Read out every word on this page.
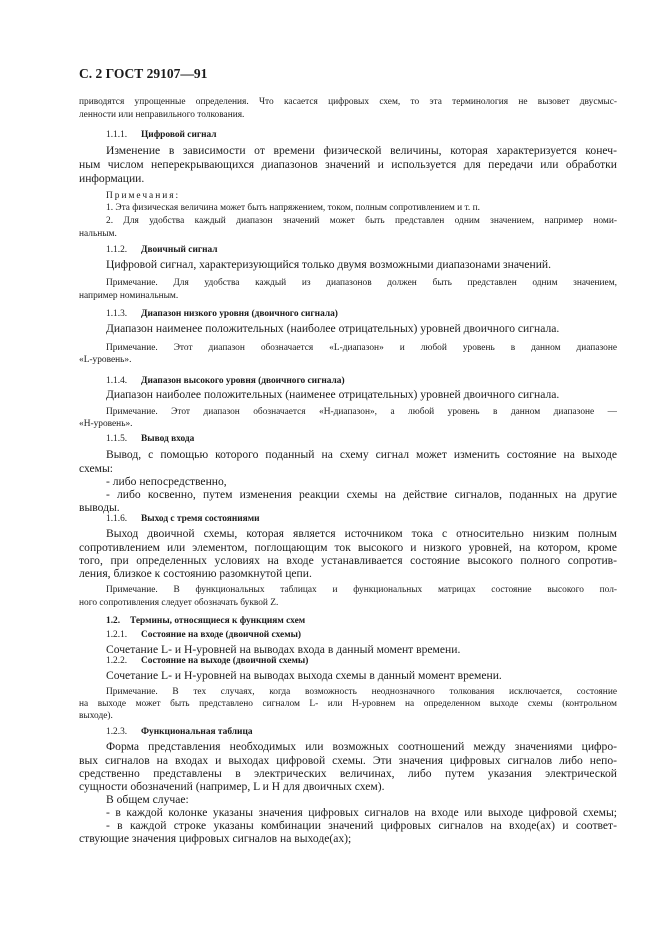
С. 2 ГОСТ 29107—91
приводятся упрощенные определения. Что касается цифровых схем, то эта терминология не вызовет двусмыс-
ленности или неправильного толкования.
1.1.1. Цифровой сигнал
Изменение в зависимости от времени физической величины, которая характеризуется конеч-
ным числом неперекрывающихся диапазонов значений и используется для передачи или обработки
информации.
Примечания:
1. Эта физическая величина может быть напряжением, током, полным сопротивлением и т. п.
2. Для удобства каждый диапазон значений может быть представлен одним значением, например номи-
нальным.
1.1.2. Двоичный сигнал
Цифровой сигнал, характеризующийся только двумя возможными диапазонами значений.
Примечание. Для удобства каждый из диапазонов должен быть представлен одним значением,
например номинальным.
1.1.3. Диапазон низкого уровня (двоичного сигнала)
Диапазон наименее положительных (наиболее отрицательных) уровней двоичного сигнала.
Примечание. Этот диапазон обозначается «L-диапазон» и любой уровень в данном диапазоне
«L-уровень».
1.1.4. Диапазон высокого уровня (двоичного сигнала)
Диапазон наиболее положительных (наименее отрицательных) уровней двоичного сигнала.
Примечание. Этот диапазон обозначается «Н-диапазон», а любой уровень в данном диапазоне —
«Н-уровень».
1.1.5. Вывод входа
Вывод, с помощью которого поданный на схему сигнал может изменить состояние на выходе
схемы:
- либо непосредственно,
- либо косвенно, путем изменения реакции схемы на действие сигналов, поданных на другие
выводы.
1.1.6. Выход с тремя состояниями
Выход двоичной схемы, которая является источником тока с относительно низким полным
сопротивлением или элементом, поглощающим ток высокого и низкого уровней, на котором, кроме
того, при определенных условиях на входе устанавливается состояние высокого полного сопротив-
ления, близкое к состоянию разомкнутой цепи.
Примечание. В функциональных таблицах и функциональных матрицах состояние высокого пол-
ного сопротивления следует обозначать буквой Z.
1.2. Термины, относящиеся к функциям схем
1.2.1. Состояние на входе (двоичной схемы)
Сочетание L- и Н-уровней на выводах входа в данный момент времени.
1.2.2. Состояние на выходе (двоичной схемы)
Сочетание L- и Н-уровней на выводах выхода схемы в данный момент времени.
Примечание. В тех случаях, когда возможность неоднозначного толкования исключается, состояние
на выходе может быть представлено сигналом L- или Н-уровнем на определенном выходе схемы (контрольном
выходе).
1.2.3. Функциональная таблица
Форма представления необходимых или возможных соотношений между значениями цифро-
вых сигналов на входах и выходах цифровой схемы. Эти значения цифровых сигналов либо непо-
средственно представлены в электрических величинах, либо путем указания электрической
сущности обозначений (например, L и Н для двоичных схем).
В общем случае:
- в каждой колонке указаны значения цифровых сигналов на входе или выходе цифровой схемы;
- в каждой строке указаны комбинации значений цифровых сигналов на входе(ах) и соответ-
ствующие значения цифровых сигналов на выходе(ах);
